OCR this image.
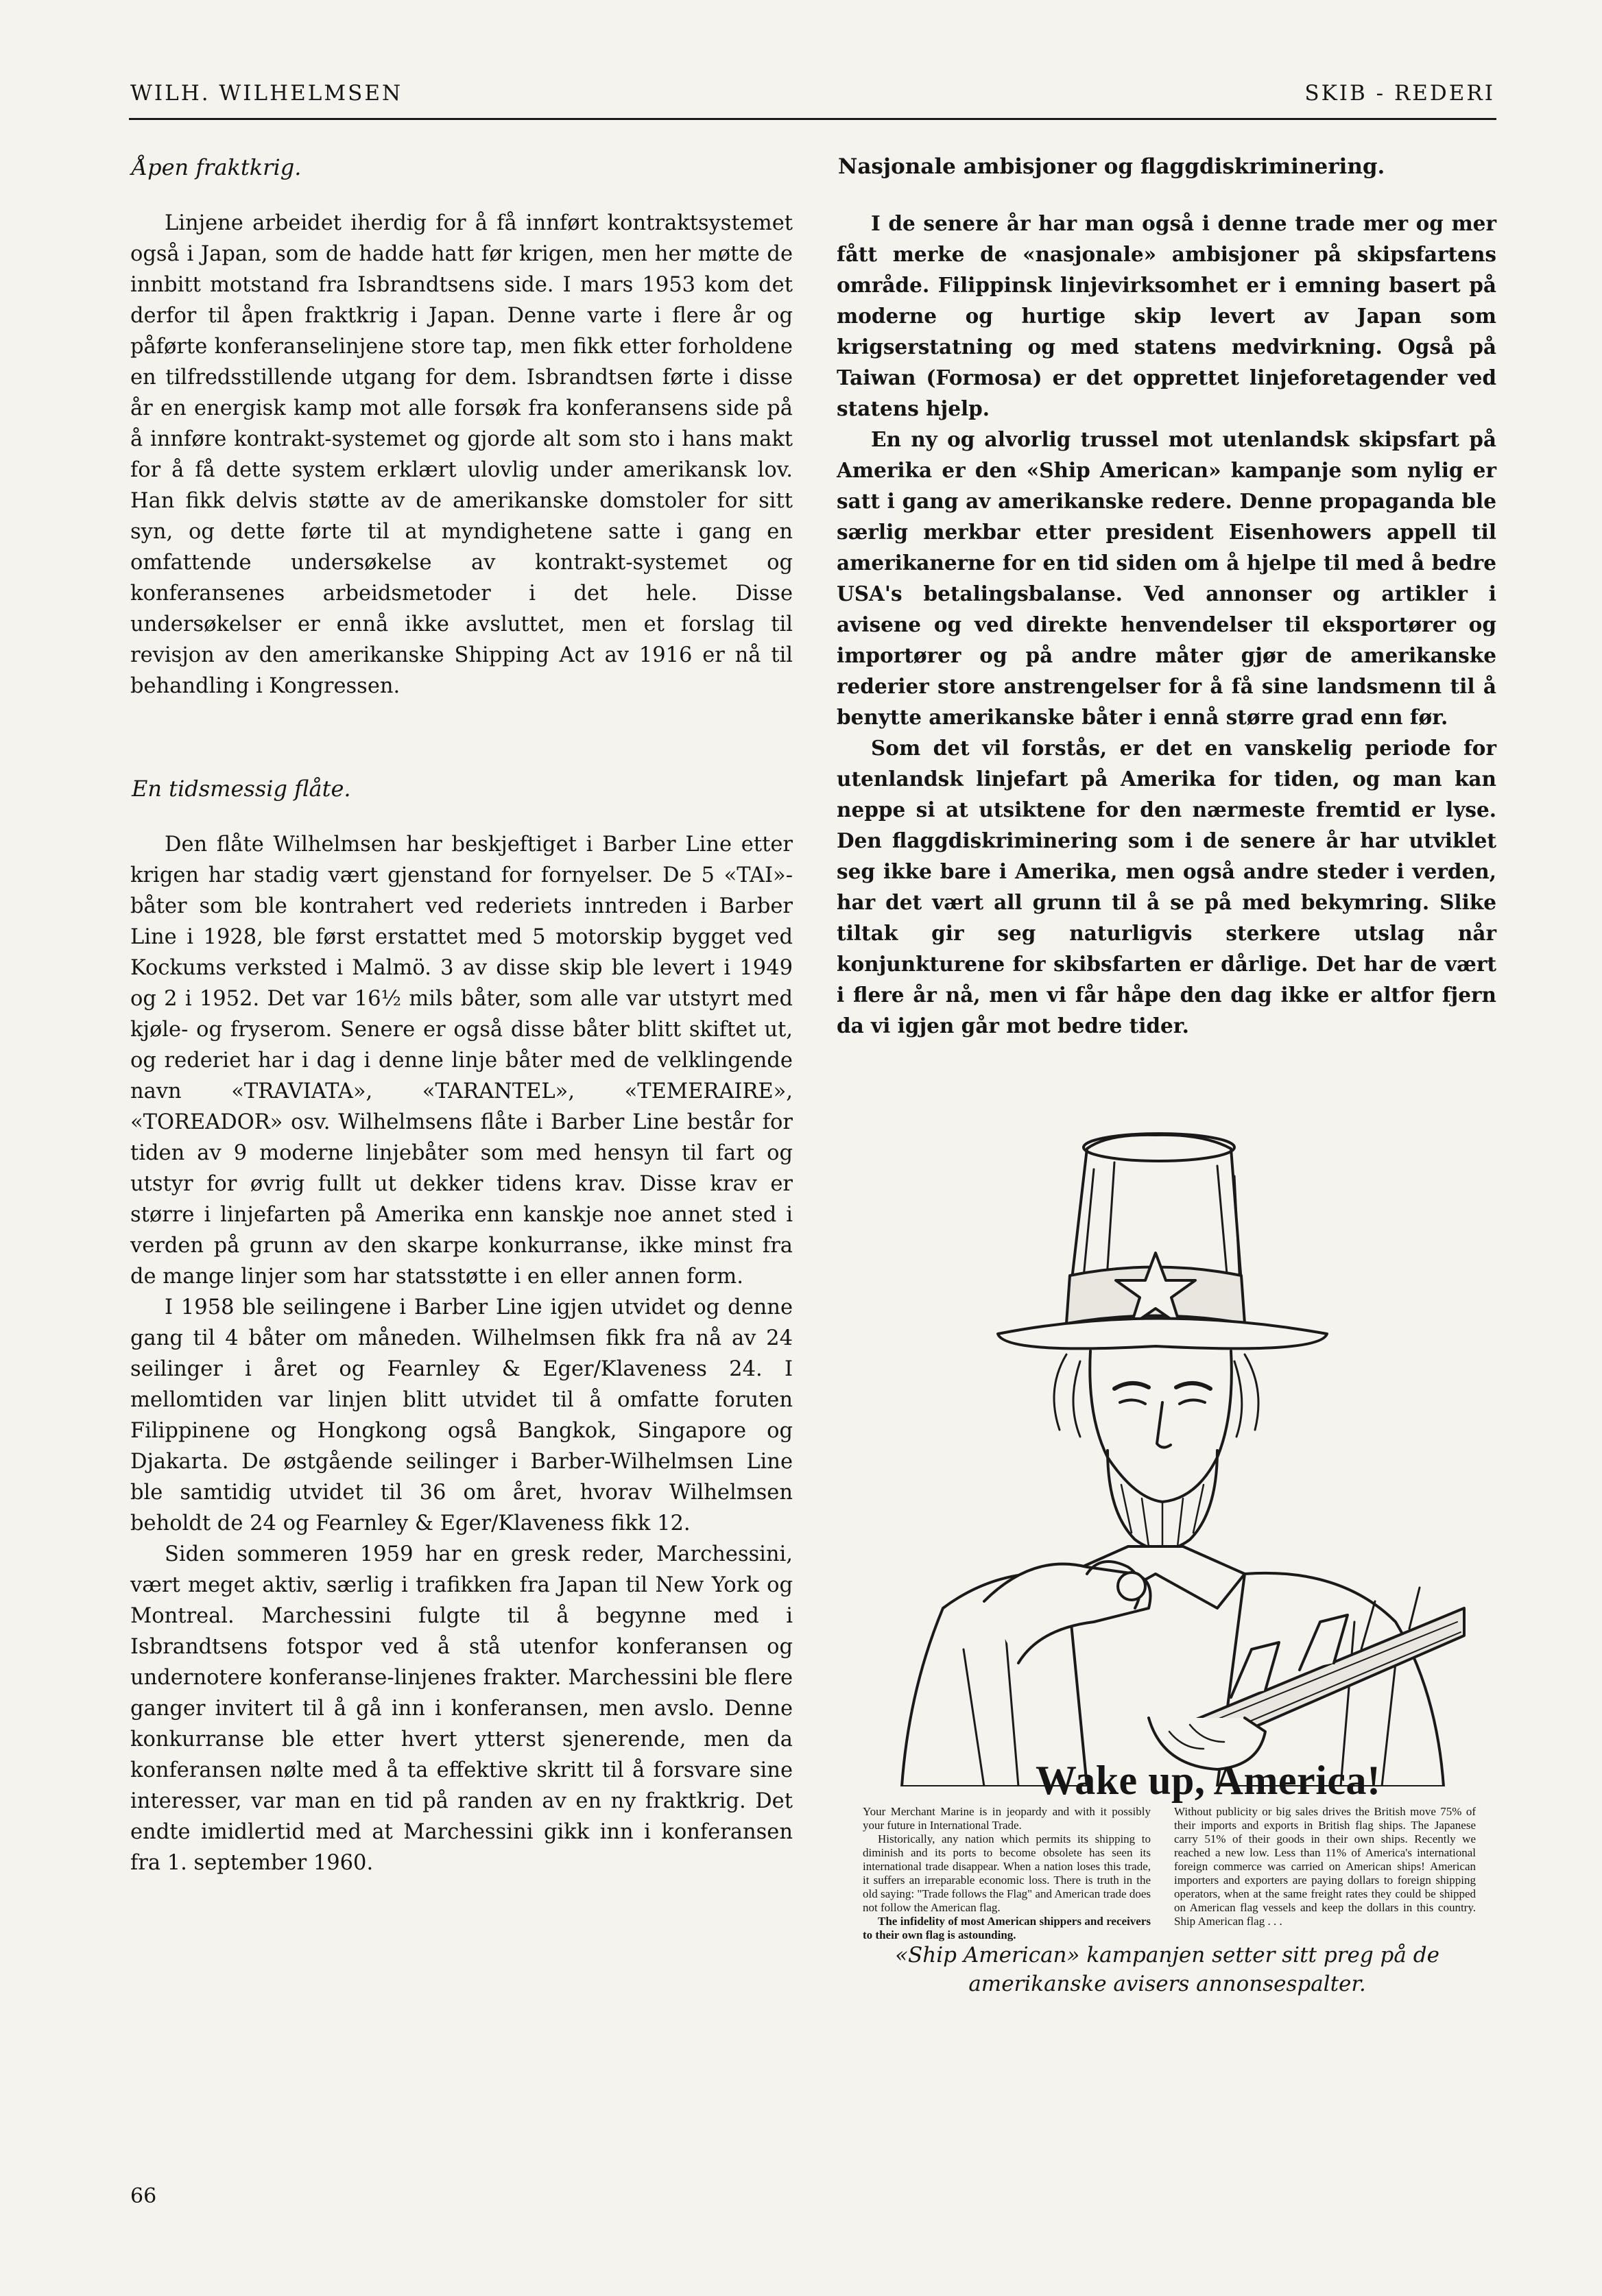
WILH. WILHELMSEN	SKIB - REDERI

Åpen fraktkrig.

Linjene arbeidet iherdig for å få innført kontraktsystemet også i Japan, som de hadde hatt før krigen, men her møtte de innbitt motstand fra Isbrandtsens side. I mars 1953 kom det derfor til åpen fraktkrig i Japan. Denne varte i flere år og påførte konferanselinjene store tap, men fikk etter forholdene en tilfredsstillende utgang for dem. Isbrandtsen førte i disse år en energisk kamp mot alle forsøk fra konferansens side på å innføre kontrakt-systemet og gjorde alt som sto i hans makt for å få dette system erklært ulovlig under amerikansk lov. Han fikk delvis støtte av de amerikanske domstoler for sitt syn, og dette førte til at myndighetene satte i gang en omfattende undersøkelse av kontrakt-systemet og konferansenes arbeidsmetoder i det hele. Disse undersøkelser er ennå ikke avsluttet, men et forslag til revisjon av den amerikanske Shipping Act av 1916 er nå til behandling i Kongressen.

En tidsmessig flåte.

Den flåte Wilhelmsen har beskjeftiget i Barber Line etter krigen har stadig vært gjenstand for fornyelser. De 5 «TAI»-båter som ble kontrahert ved rederiets inntreden i Barber Line i 1928, ble først erstattet med 5 motorskip bygget ved Kockums verksted i Malmö. 3 av disse skip ble levert i 1949 og 2 i 1952. Det var 16½ mils båter, som alle var utstyrt med kjøle- og fryserom. Senere er også disse båter blitt skiftet ut, og rederiet har i dag i denne linje båter med de velklingende navn «TRAVIATA», «TARANTEL», «TEMERAIRE», «TOREADOR» osv. Wilhelmsens flåte i Barber Line består for tiden av 9 moderne linjebåter som med hensyn til fart og utstyr for øvrig fullt ut dekker tidens krav. Disse krav er større i linjefarten på Amerika enn kanskje noe annet sted i verden på grunn av den skarpe konkurranse, ikke minst fra de mange linjer som har statsstøtte i en eller annen form.

I 1958 ble seilingene i Barber Line igjen utvidet og denne gang til 4 båter om måneden. Wilhelmsen fikk fra nå av 24 seilinger i året og Fearnley & Eger/Klaveness 24. I mellomtiden var linjen blitt utvidet til å omfatte foruten Filippinene og Hongkong også Bangkok, Singapore og Djakarta. De østgående seilinger i Barber-Wilhelmsen Line ble samtidig utvidet til 36 om året, hvorav Wilhelmsen beholdt de 24 og Fearnley & Eger/Klaveness fikk 12.

Siden sommeren 1959 har en gresk reder, Marchessini, vært meget aktiv, særlig i trafikken fra Japan til New York og Montreal. Marchessini fulgte til å begynne med i Isbrandtsens fotspor ved å stå utenfor konferansen og undernotere konferanse-linjenes frakter. Marchessini ble flere ganger invitert til å gå inn i konferansen, men avslo. Denne konkurranse ble etter hvert ytterst sjenerende, men da konferansen nølte med å ta effektive skritt til å forsvare sine interesser, var man en tid på randen av en ny fraktkrig. Det endte imidlertid med at Marchessini gikk inn i konferansen fra 1. september 1960.

Nasjonale ambisjoner og flaggdiskriminering.

I de senere år har man også i denne trade mer og mer fått merke de «nasjonale» ambisjoner på skipsfartens område. Filippinsk linjevirksomhet er i emning basert på moderne og hurtige skip levert av Japan som krigserstatning og med statens medvirkning. Også på Taiwan (Formosa) er det opprettet linjeforetagender ved statens hjelp.

En ny og alvorlig trussel mot utenlandsk skipsfart på Amerika er den «Ship American» kampanje som nylig er satt i gang av amerikanske redere. Denne propaganda ble særlig merkbar etter president Eisenhowers appell til amerikanerne for en tid siden om å hjelpe til med å bedre USA's betalingsbalanse. Ved annonser og artikler i avisene og ved direkte henvendelser til eksportører og importører og på andre måter gjør de amerikanske rederier store anstrengelser for å få sine landsmenn til å benytte amerikanske båter i ennå større grad enn før.

Som det vil forstås, er det en vanskelig periode for utenlandsk linjefart på Amerika for tiden, og man kan neppe si at utsiktene for den nærmeste fremtid er lyse. Den flaggdiskriminering som i de senere år har utviklet seg ikke bare i Amerika, men også andre steder i verden, har det vært all grunn til å se på med bekymring. Slike tiltak gir seg naturligvis sterkere utslag når konjunkturene for skibsfarten er dårlige. Det har de vært i flere år nå, men vi får håpe den dag ikke er altfor fjern da vi igjen går mot bedre tider.

Wake up, America!

Your Merchant Marine is in jeopardy and with it possibly your future in International Trade.

Historically, any nation which permits its shipping to diminish and its ports to become obsolete has seen its international trade disappear. When a nation loses this trade, it suffers an irreparable economic loss. There is truth in the old saying: "Trade follows the Flag" and American trade does not follow the American flag.

The infidelity of most American shippers and receivers to their own flag is astounding.

Without publicity or big sales drives the British move 75% of their imports and exports in British flag ships. The Japanese carry 51% of their goods in their own ships. Recently we reached a new low. Less than 11% of America's international foreign commerce was carried on American ships! American importers and exporters are paying dollars to foreign shipping operators, when at the same freight rates they could be shipped on American flag vessels and keep the dollars in this country. Ship American flag . . .

«Ship American» kampanjen setter sitt preg på de amerikanske avisers annonsespalter.
66
